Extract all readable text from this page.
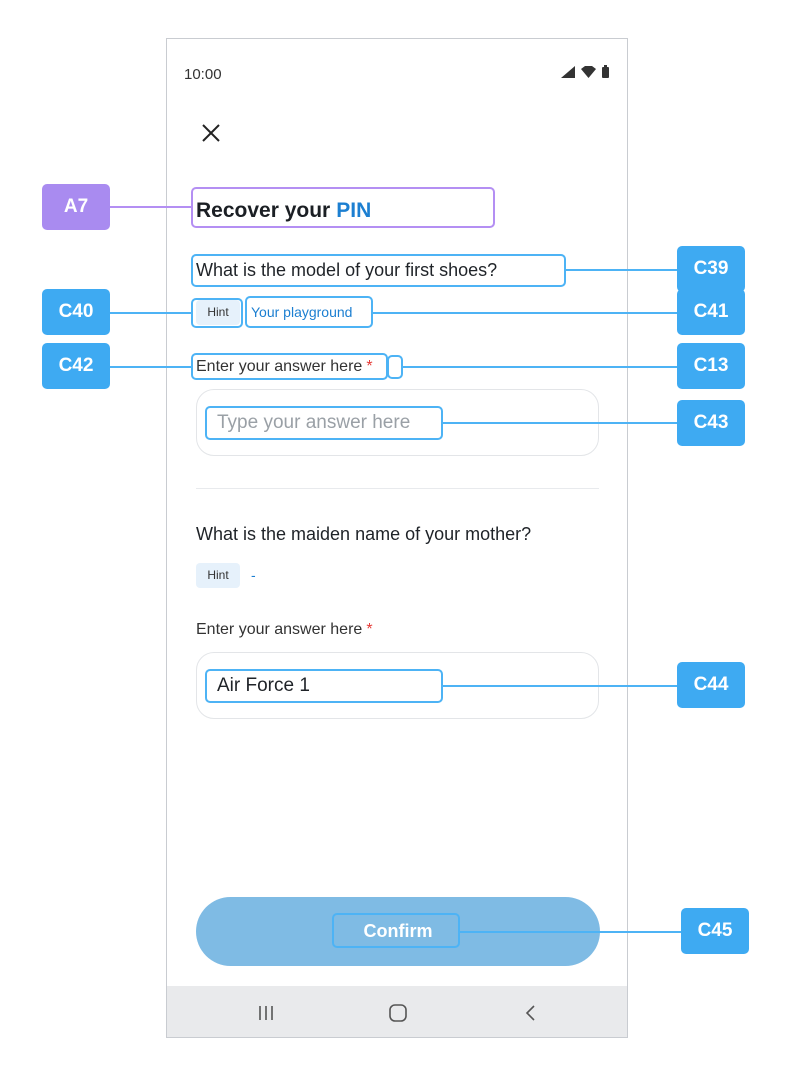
10:00
Recover your PIN
What is the model of your first shoes?
Hint	Your playground
Enter your answer here *
Type your answer here
What is the maiden name of your mother?
Hint	-
Enter your answer here *
Air Force 1
Confirm
A7
C39
C40	C41
C42	C13
C43
C44
C45
